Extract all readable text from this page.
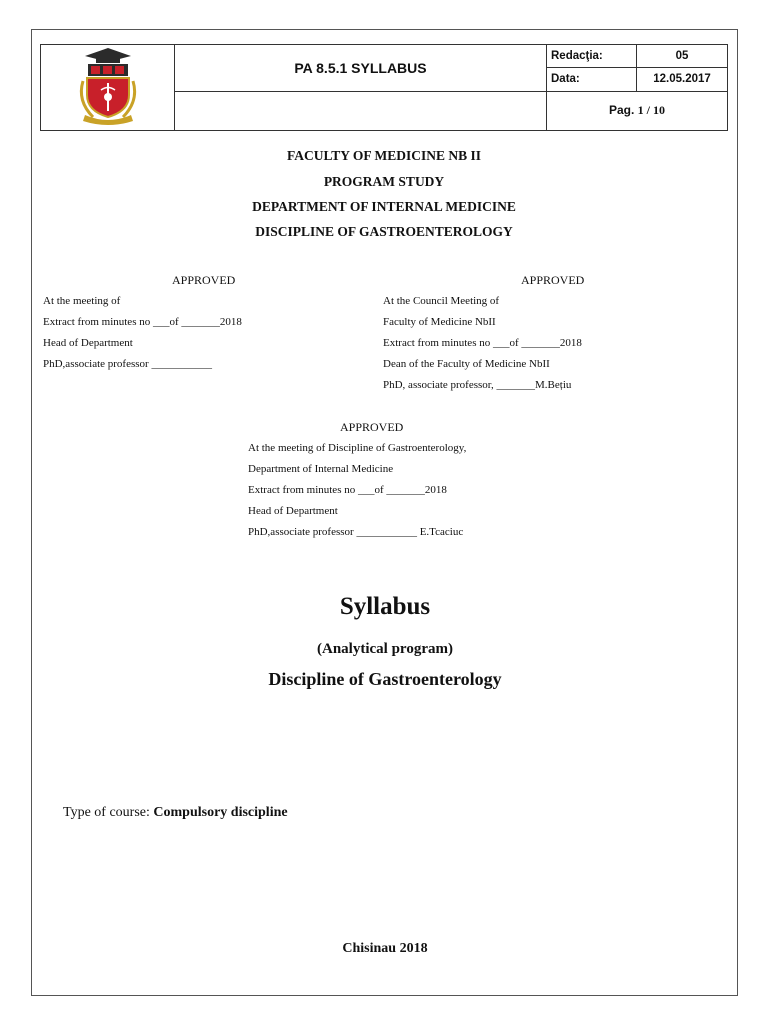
	PA 8.5.1 SYLLABUS	Redacţia:	05
		Data:	12.05.2017
		Pag. 1 / 10	
FACULTY OF MEDICINE NB II
PROGRAM STUDY
DEPARTMENT OF INTERNAL MEDICINE
DISCIPLINE OF GASTROENTEROLOGY
APPROVED
At the meeting of
Extract from minutes no ___of _______2018
Head of Department
PhD,associate professor ___________
APPROVED
At the Council Meeting of
Faculty of Medicine NbII
Extract from minutes no ___of _______2018
Dean of the Faculty of Medicine NbII
PhD, associate professor, _______M.Bețiu
APPROVED
At the meeting of Discipline of Gastroenterology,
Department of Internal Medicine
Extract from minutes no ___of _______2018
Head of Department
PhD,associate professor ___________ E.Tcaciuc
Syllabus
(Analytical program)
Discipline of Gastroenterology
Type of course: Compulsory discipline
Chisinau 2018
